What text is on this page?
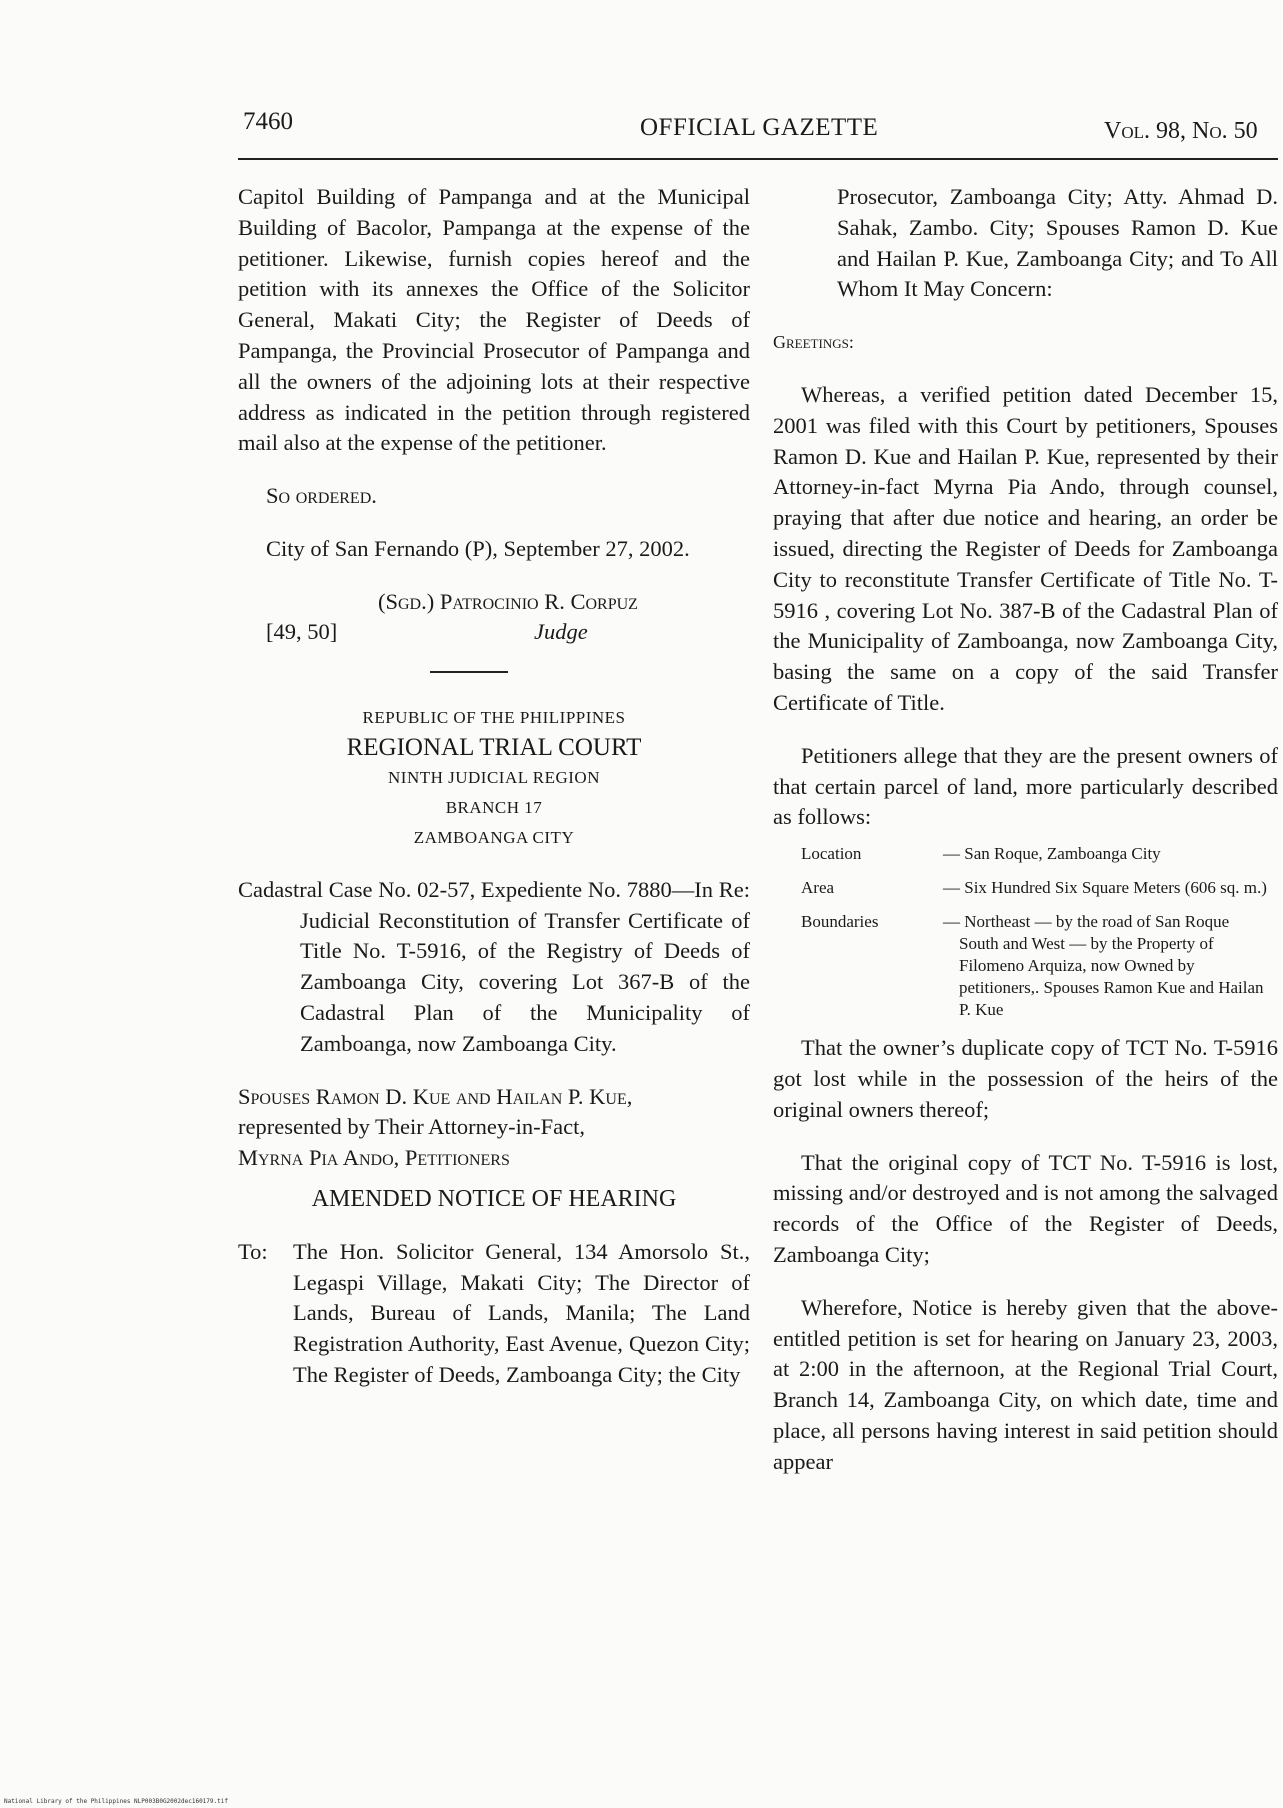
7460	OFFICIAL GAZETTE	Vol. 98, No. 50

Capitol Building of Pampanga and at the Municipal Building of Bacolor, Pampanga at the expense of the petitioner. Likewise, furnish copies hereof and the petition with its annexes the Office of the Solicitor General, Makati City; the Register of Deeds of Pampanga, the Provincial Prosecutor of Pampanga and all the owners of the adjoining lots at their respective address as indicated in the petition through registered mail also at the expense of the petitioner.

So ordered.

City of San Fernando (P), September 27, 2002.

(Sgd.) Patrocinio R. Corpuz
[49, 50]	Judge
REPUBLIC OF THE PHILIPPINES
REGIONAL TRIAL COURT
NINTH JUDICIAL REGION
BRANCH 17
ZAMBOANGA CITY

Cadastral Case No. 02-57, Expediente No. 7880—In Re: Judicial Reconstitution of Transfer Certificate of Title No. T-5916, of the Registry of Deeds of Zamboanga City, covering Lot 367-B of the Cadastral Plan of the Municipality of Zamboanga, now Zamboanga City.

Spouses Ramon D. Kue and Hailan P. Kue,
represented by Their Attorney-in-Fact,
Myrna Pia Ando, Petitioners
AMENDED NOTICE OF HEARING
To:	The Hon. Solicitor General, 134 Amorsolo St., Legaspi Village, Makati City; The Director of Lands, Bureau of Lands, Manila; The Land Registration Authority, East Avenue, Quezon City; The Register of Deeds, Zamboanga City; the City

Prosecutor, Zamboanga City; Atty. Ahmad D. Sahak, Zambo. City; Spouses Ramon D. Kue and Hailan P. Kue, Zamboanga City; and To All Whom It May Concern:

Greetings:

Whereas, a verified petition dated December 15, 2001 was filed with this Court by petitioners, Spouses Ramon D. Kue and Hailan P. Kue, represented by their Attorney-in-fact Myrna Pia Ando, through counsel, praying that after due notice and hearing, an order be issued, directing the Register of Deeds for Zamboanga City to reconstitute Transfer Certificate of Title No. T-5916 , covering Lot No. 387-B of the Cadastral Plan of the Municipality of Zamboanga, now Zamboanga City, basing the same on a copy of the said Transfer Certificate of Title.

Petitioners allege that they are the present owners of that certain parcel of land, more particularly described as follows:

Location	— San Roque, Zamboanga City
Area	— Six Hundred Six Square Meters (606 sq. m.)
Boundaries	— Northeast — by the road of San Roque South and West — by the Property of Filomeno Arquiza, now Owned by petitioners,. Spouses Ramon Kue and Hailan P. Kue

That the owner’s duplicate copy of TCT No. T-5916 got lost while in the possession of the heirs of the original owners thereof;

That the original copy of TCT No. T-5916 is lost, missing and/or destroyed and is not among the salvaged records of the Office of the Register of Deeds, Zamboanga City;

Wherefore, Notice is hereby given that the above-entitled petition is set for hearing on January 23, 2003, at 2:00 in the afternoon, at the Regional Trial Court, Branch 14, Zamboanga City, on which date, time and place, all persons having interest in said petition should appear

National Library of the Philippines NLP003B0G2002dec160179.tif
